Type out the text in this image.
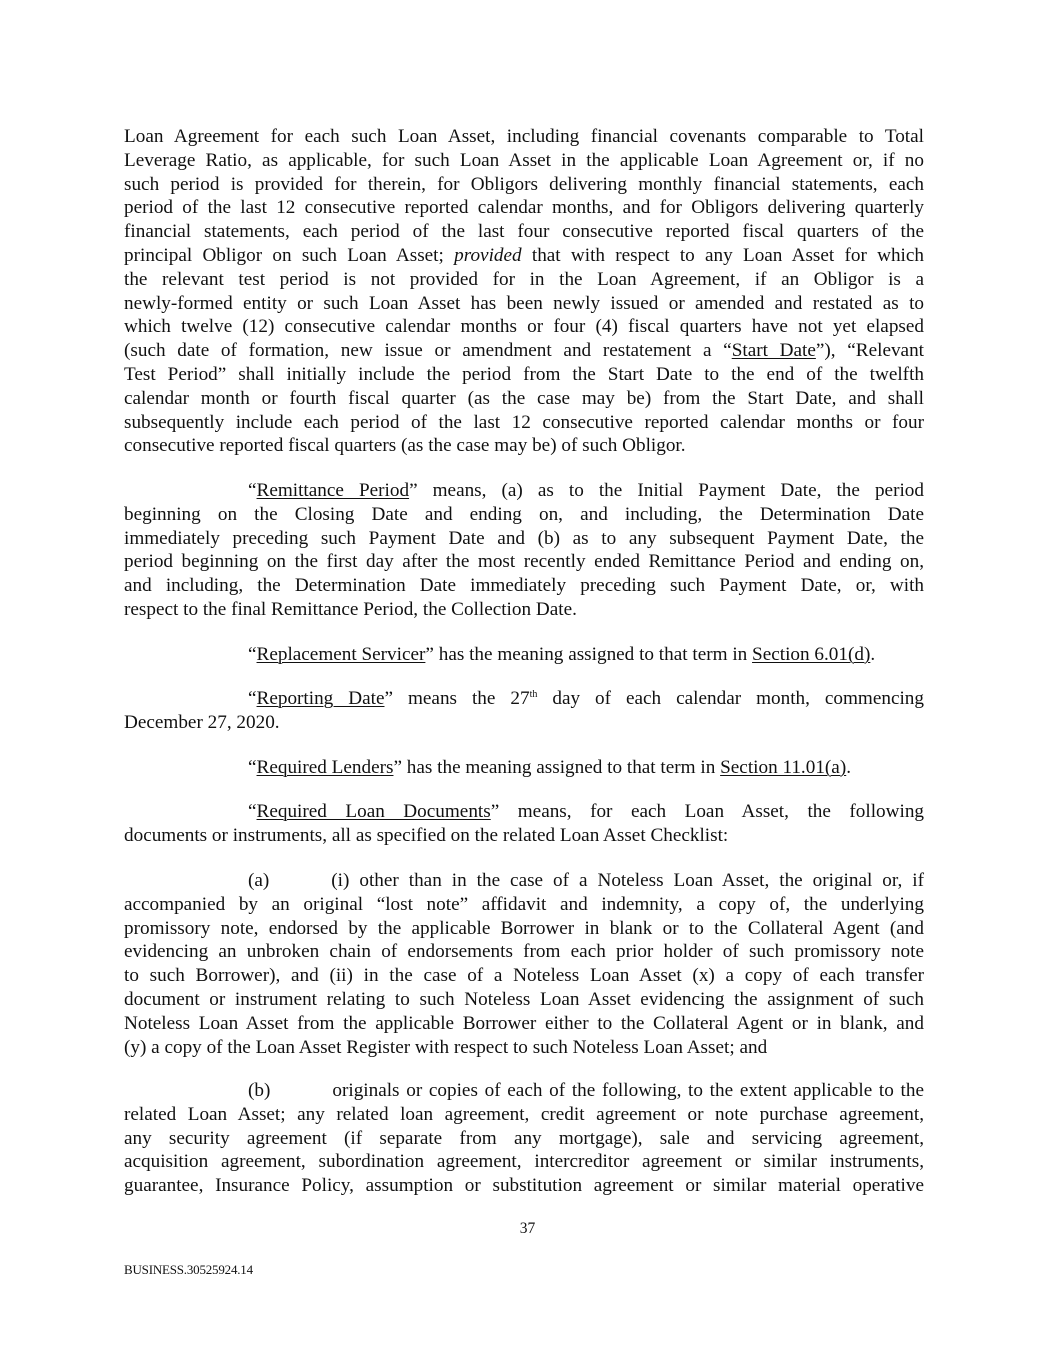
Loan Agreement for each such Loan Asset, including financial covenants comparable to Total
Leverage Ratio, as applicable, for such Loan Asset in the applicable Loan Agreement or, if no
such period is provided for therein, for Obligors delivering monthly financial statements, each
period of the last 12 consecutive reported calendar months, and for Obligors delivering quarterly
financial statements, each period of the last four consecutive reported fiscal quarters of the
principal Obligor on such Loan Asset; provided that with respect to any Loan Asset for which
the relevant test period is not provided for in the Loan Agreement, if an Obligor is a
newly-formed entity or such Loan Asset has been newly issued or amended and restated as to
which twelve (12) consecutive calendar months or four (4) fiscal quarters have not yet elapsed
(such date of formation, new issue or amendment and restatement a “Start Date”), “Relevant
Test Period” shall initially include the period from the Start Date to the end of the twelfth
calendar month or fourth fiscal quarter (as the case may be) from the Start Date, and shall
subsequently include each period of the last 12 consecutive reported calendar months or four
consecutive reported fiscal quarters (as the case may be) of such Obligor.
“Remittance Period” means, (a) as to the Initial Payment Date, the period
beginning on the Closing Date and ending on, and including, the Determination Date
immediately preceding such Payment Date and (b) as to any subsequent Payment Date, the
period beginning on the first day after the most recently ended Remittance Period and ending on,
and including, the Determination Date immediately preceding such Payment Date, or, with
respect to the final Remittance Period, the Collection Date.
“Replacement Servicer” has the meaning assigned to that term in Section 6.01(d).
“Reporting Date” means the 27th day of each calendar month, commencing
December 27, 2020.
“Required Lenders” has the meaning assigned to that term in Section 11.01(a).
“Required Loan Documents” means, for each Loan Asset, the following
documents or instruments, all as specified on the related Loan Asset Checklist:
(a)	(i) other than in the case of a Noteless Loan Asset, the original or, if
accompanied by an original “lost note” affidavit and indemnity, a copy of, the underlying
promissory note, endorsed by the applicable Borrower in blank or to the Collateral Agent (and
evidencing an unbroken chain of endorsements from each prior holder of such promissory note
to such Borrower), and (ii) in the case of a Noteless Loan Asset (x) a copy of each transfer
document or instrument relating to such Noteless Loan Asset evidencing the assignment of such
Noteless Loan Asset from the applicable Borrower either to the Collateral Agent or in blank, and
(y) a copy of the Loan Asset Register with respect to such Noteless Loan Asset; and
(b)	originals or copies of each of the following, to the extent applicable to the
related Loan Asset; any related loan agreement, credit agreement or note purchase agreement,
any security agreement (if separate from any mortgage), sale and servicing agreement,
acquisition agreement, subordination agreement, intercreditor agreement or similar instruments,
guarantee, Insurance Policy, assumption or substitution agreement or similar material operative
37
BUSINESS.30525924.14
